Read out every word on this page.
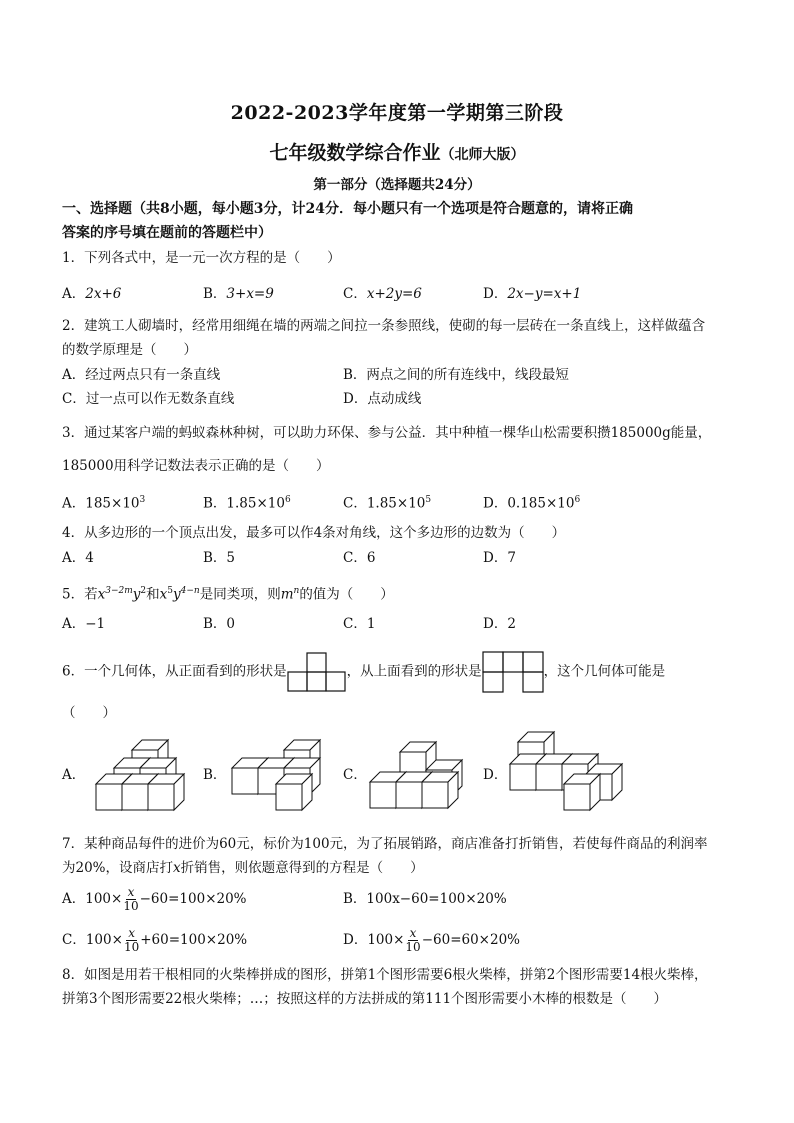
2022-2023学年度第一学期第三阶段
七年级数学综合作业（北师大版）
第一部分（选择题共24分）
一、选择题（共8小题，每小题3分，计24分．每小题只有一个选项是符合题意的，请将正确
答案的序号填在题前的答题栏中）
1．下列各式中，是一元一次方程的是（　　）
A．2x+6	B．3+x=9	C．x+2y=6	D．2x−y=x+1
2．建筑工人砌墙时，经常用细绳在墙的两端之间拉一条参照线，使砌的每一层砖在一条直线上，这样做蕴含
的数学原理是（　　）
A．经过两点只有一条直线	B．两点之间的所有连线中，线段最短
C．过一点可以作无数条直线	D．点动成线
3．通过某客户端的蚂蚁森林种树，可以助力环保、参与公益．其中种植一棵华山松需要积攒185000g能量，
185000用科学记数法表示正确的是（　　）
A．$185\times 10^3$	B．$1.85\times 10^6$	C．$1.85\times 10^5$	D．$0.185\times 10^6$
4．从多边形的一个顶点出发，最多可以作4条对角线，这个多边形的边数为（　　）
A．4	B．5	C．6	D．7
5．若$x^{3-2m}y^2$和$x^5y^{4-n}$是同类项，则$m^n$的值为（　　）
A．−1	B．0	C．1	D．2
6．一个几何体，从正面看到的形状是	，从上面看到的形状是	，这个几何体可能是
（　　）
A．	B．	C．	D．
7．某种商品每件的进价为60元，标价为100元，为了拓展销路，商店准备打折销售，若使每件商品的利润率
为20%，设商店打x折销售，则依题意得到的方程是（　　）
A．$100\times \frac{x}{10} -60=100\times 20\%$	B．100x−60=100×20%
C．$100\times \frac{x}{10} +60=100\times 20\%$	D．$100\times \frac{x}{10} -60=60\times 20\%$
8．如图是用若干根相同的火柴棒拼成的图形，拼第1个图形需要6根火柴棒，拼第2个图形需要14根火柴棒，
拼第3个图形需要22根火柴棒；…；按照这样的方法拼成的第111个图形需要小木棒的根数是（　　）
